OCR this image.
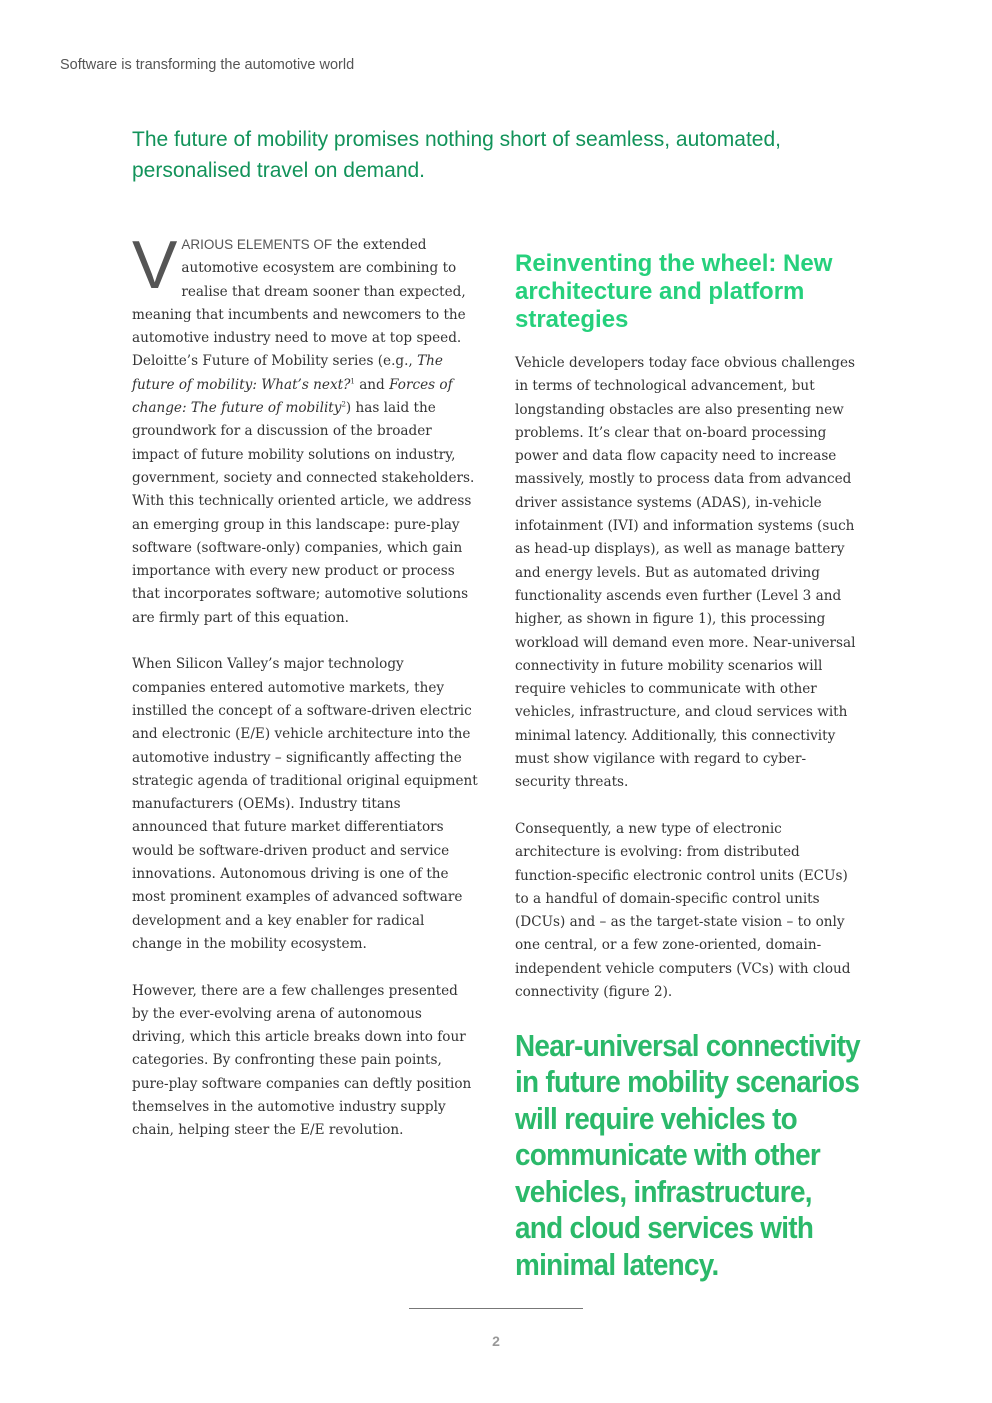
Software is transforming the automotive world
The future of mobility promises nothing short of seamless, automated, personalised travel on demand.

VARIOUS ELEMENTS OF the extended automotive ecosystem are combining to realise that dream sooner than expected, meaning that incumbents and newcomers to the automotive industry need to move at top speed. Deloitte’s Future of Mobility series (e.g., The future of mobility: What’s next?$^1$ and Forces of change: The future of mobility$^2$) has laid the groundwork for a discussion of the broader impact of future mobility solutions on industry, government, society and connected stakeholders. With this technically oriented article, we address an emerging group in this landscape: pure-play software (software-only) companies, which gain importance with every new product or process that incorporates software; automotive solutions are firmly part of this equation.

When Silicon Valley’s major technology companies entered automotive markets, they instilled the concept of a software-driven electric and electronic (E/E) vehicle architecture into the automotive industry – significantly affecting the strategic agenda of traditional original equipment manufacturers (OEMs). Industry titans announced that future market differentiators would be software-driven product and service innovations. Autonomous driving is one of the most prominent examples of advanced software development and a key enabler for radical change in the mobility ecosystem.

However, there are a few challenges presented by the ever-evolving arena of autonomous driving, which this article breaks down into four categories. By confronting these pain points, pure-play software companies can deftly position themselves in the automotive industry supply chain, helping steer the E/E revolution.

Reinventing the wheel: New architecture and platform strategies

Vehicle developers today face obvious challenges in terms of technological advancement, but longstanding obstacles are also presenting new problems. It’s clear that on-board processing power and data flow capacity need to increase massively, mostly to process data from advanced driver assistance systems (ADAS), in-vehicle infotainment (IVI) and information systems (such as head-up displays), as well as manage battery and energy levels. But as automated driving functionality ascends even further (Level 3 and higher, as shown in figure 1), this processing workload will demand even more. Near-universal connectivity in future mobility scenarios will require vehicles to communicate with other vehicles, infrastructure, and cloud services with minimal latency. Additionally, this connectivity must show vigilance with regard to cyber-security threats.

Consequently, a new type of electronic architecture is evolving: from distributed function-specific electronic control units (ECUs) to a handful of domain-specific control units (DCUs) and – as the target-state vision – to only one central, or a few zone-oriented, domain-independent vehicle computers (VCs) with cloud connectivity (figure 2).

Near-universal connectivity in future mobility scenarios will require vehicles to communicate with other vehicles, infrastructure, and cloud services with minimal latency.
2
